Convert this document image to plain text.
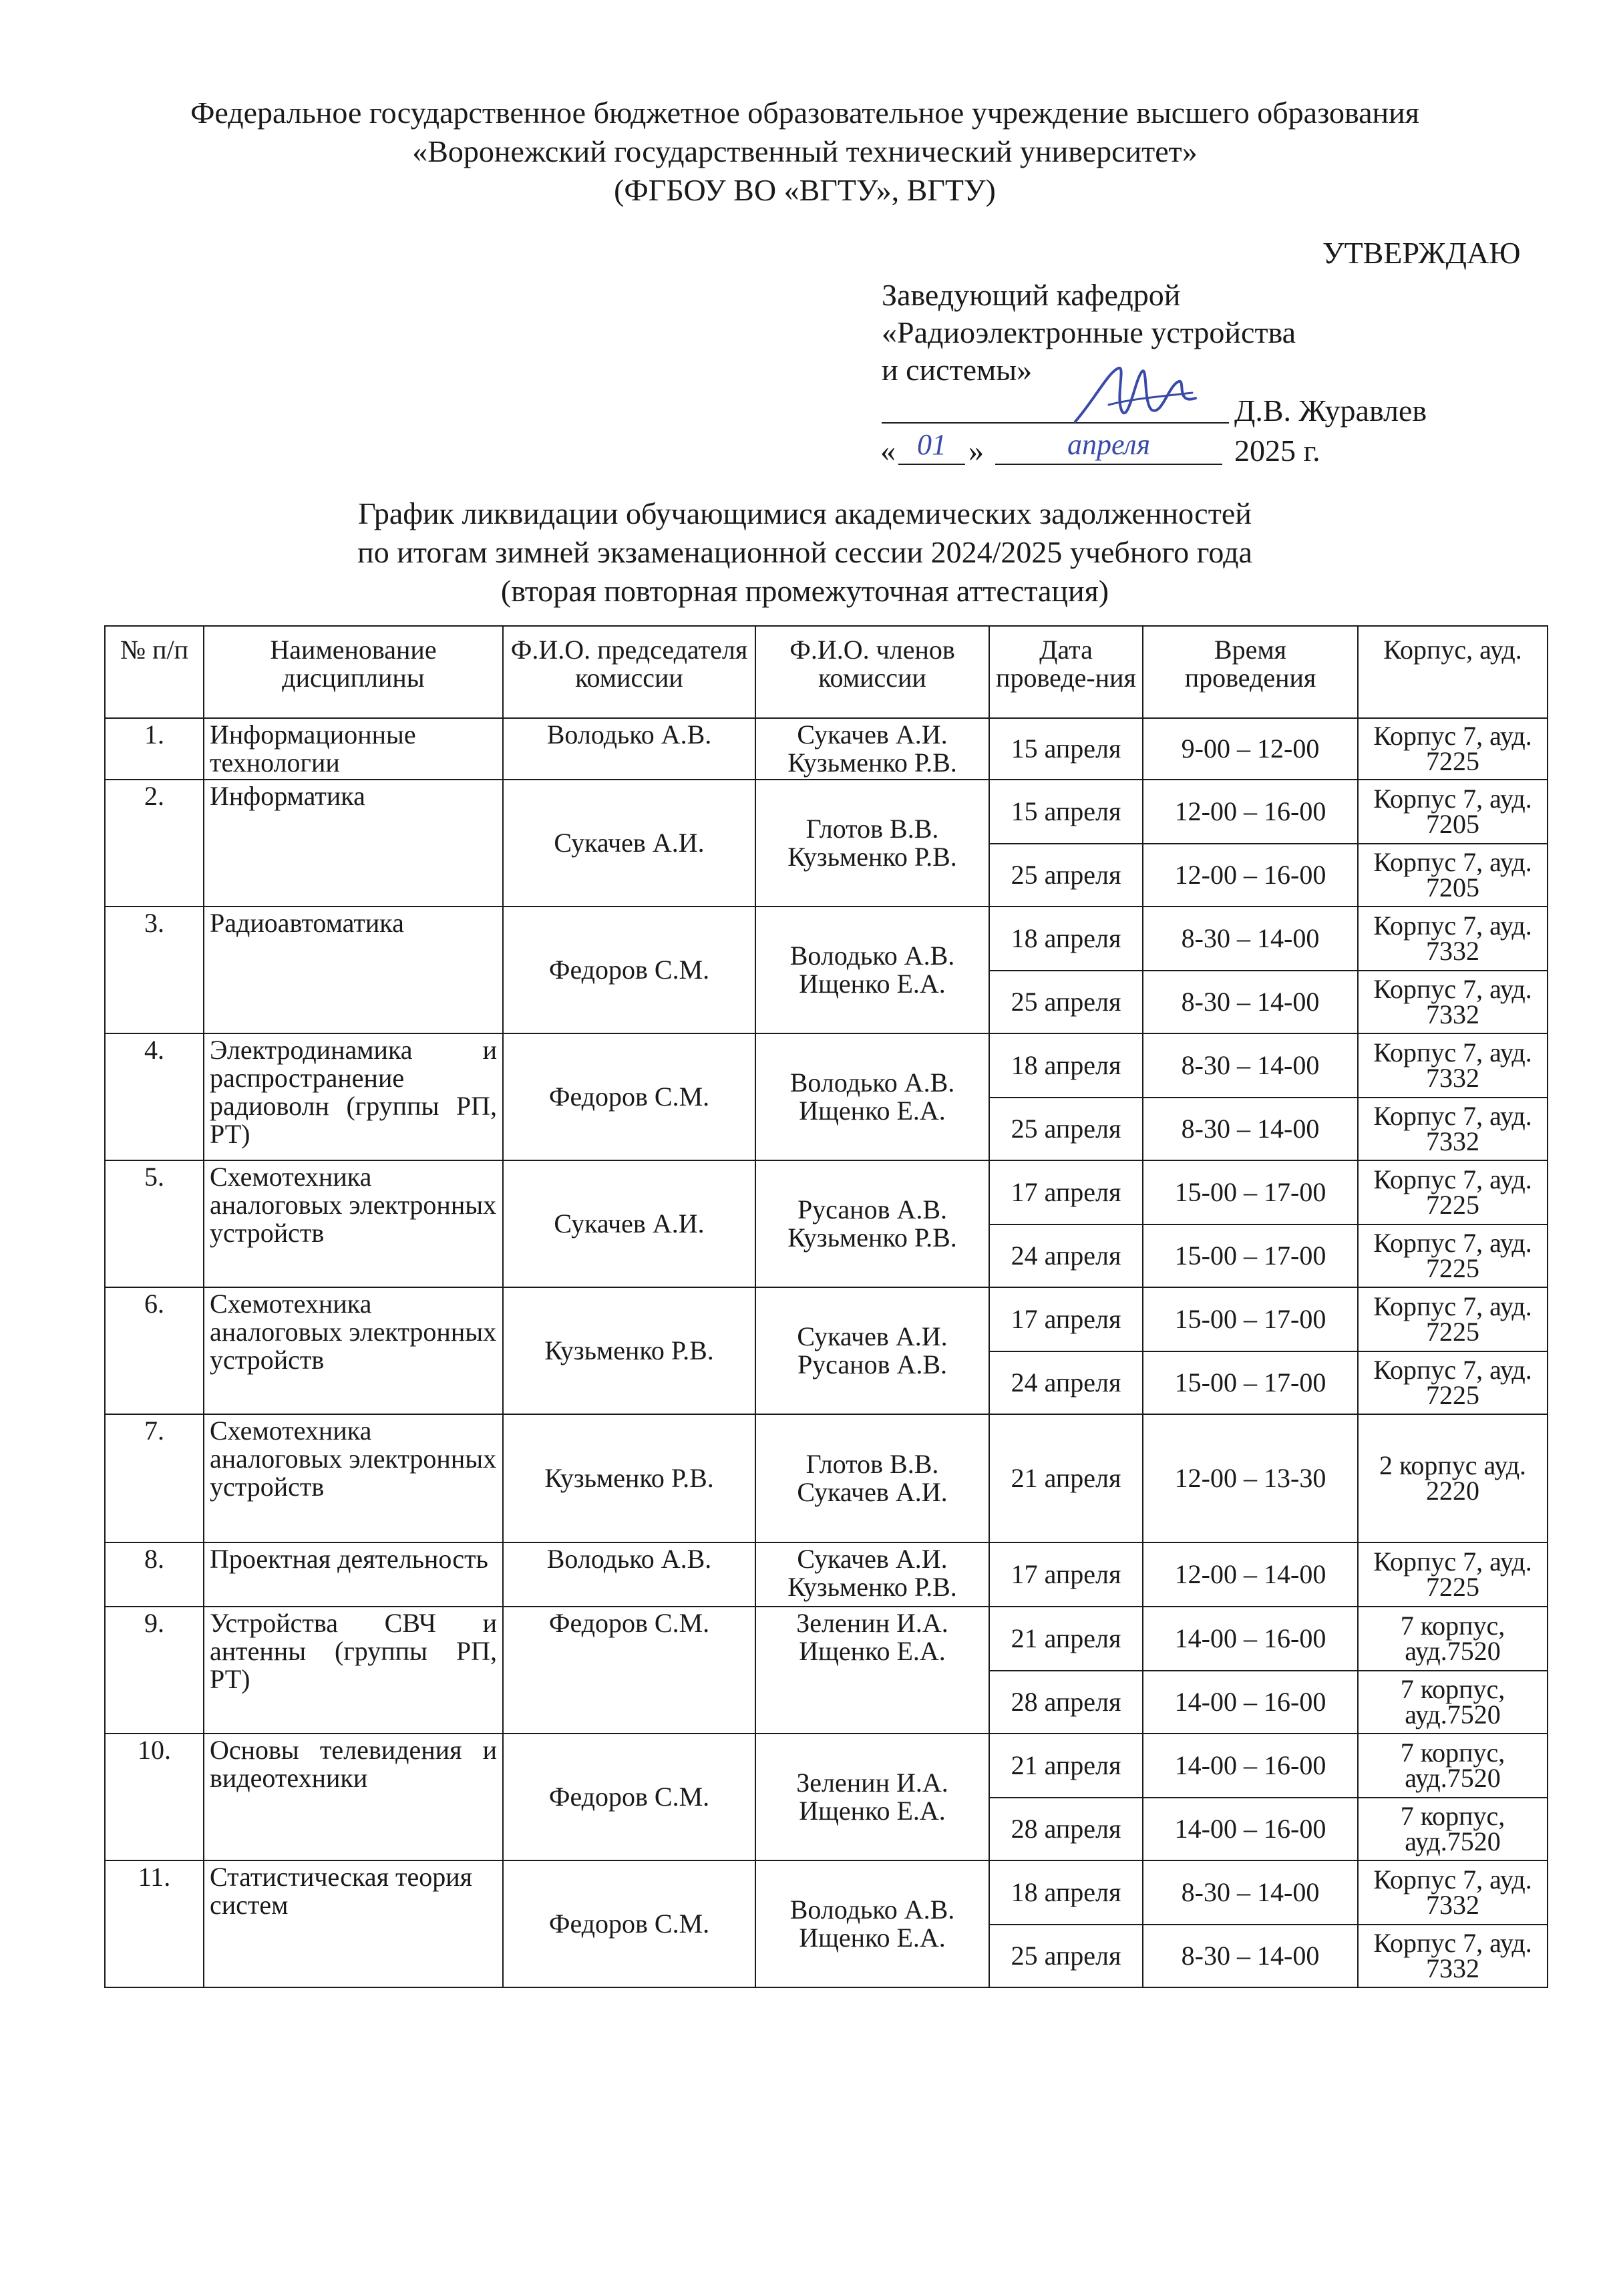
Федеральное государственное бюджетное образовательное учреждение высшего образования
«Воронежский государственный технический университет»
(ФГБОУ ВО «ВГТУ», ВГТУ)
УТВЕРЖДАЮ
Заведующий кафедрой
«Радиоэлектронные устройства
и системы»
Д.В. Журавлев
« 01 »	апреля	2025 г.
График ликвидации обучающимися академических задолженностей
по итогам зимней экзаменационной сессии 2024/2025 учебного года
(вторая повторная промежуточная аттестация)
№ п/п	Наименование дисциплины	Ф.И.О. председателя комиссии	Ф.И.О. членов комиссии	Дата проведе-ния	Время проведения	Корпус, ауд.
1.	Информационные технологии	Володько А.В.	Сукачев А.И. Кузьменко Р.В.	15 апреля	9-00 – 12-00	Корпус 7, ауд. 7225
2.	Информатика	Сукачев А.И.	Глотов В.В. Кузьменко Р.В.	15 апреля	12-00 – 16-00	Корпус 7, ауд. 7205
				25 апреля	12-00 – 16-00	Корпус 7, ауд. 7205
3.	Радиоавтоматика	Федоров С.М.	Володько А.В. Ищенко Е.А.	18 апреля	8-30 – 14-00	Корпус 7, ауд. 7332
				25 апреля	8-30 – 14-00	Корпус 7, ауд. 7332
4.	Электродинамика и распространение радиоволн (группы РП, РТ)	Федоров С.М.	Володько А.В. Ищенко Е.А.	18 апреля	8-30 – 14-00	Корпус 7, ауд. 7332
				25 апреля	8-30 – 14-00	Корпус 7, ауд. 7332
5.	Схемотехника аналоговых электронных устройств	Сукачев А.И.	Русанов А.В. Кузьменко Р.В.	17 апреля	15-00 – 17-00	Корпус 7, ауд. 7225
				24 апреля	15-00 – 17-00	Корпус 7, ауд. 7225
6.	Схемотехника аналоговых электронных устройств	Кузьменко Р.В.	Сукачев А.И. Русанов А.В.	17 апреля	15-00 – 17-00	Корпус 7, ауд. 7225
				24 апреля	15-00 – 17-00	Корпус 7, ауд. 7225
7.	Схемотехника аналоговых электронных устройств	Кузьменко Р.В.	Глотов В.В. Сукачев А.И.	21 апреля	12-00 – 13-30	2 корпус ауд. 2220
8.	Проектная деятельность	Володько А.В.	Сукачев А.И. Кузьменко Р.В.	17 апреля	12-00 – 14-00	Корпус 7, ауд. 7225
9.	Устройства СВЧ и антенны (группы РП, РТ)	Федоров С.М.	Зеленин И.А. Ищенко Е.А.	21 апреля	14-00 – 16-00	7 корпус, ауд.7520
				28 апреля	14-00 – 16-00	7 корпус, ауд.7520
10.	Основы телевидения и видеотехники	Федоров С.М.	Зеленин И.А. Ищенко Е.А.	21 апреля	14-00 – 16-00	7 корпус, ауд.7520
				28 апреля	14-00 – 16-00	7 корпус, ауд.7520
11.	Статистическая теория систем	Федоров С.М.	Володько А.В. Ищенко Е.А.	18 апреля	8-30 – 14-00	Корпус 7, ауд. 7332
				25 апреля	8-30 – 14-00	Корпус 7, ауд. 7332
